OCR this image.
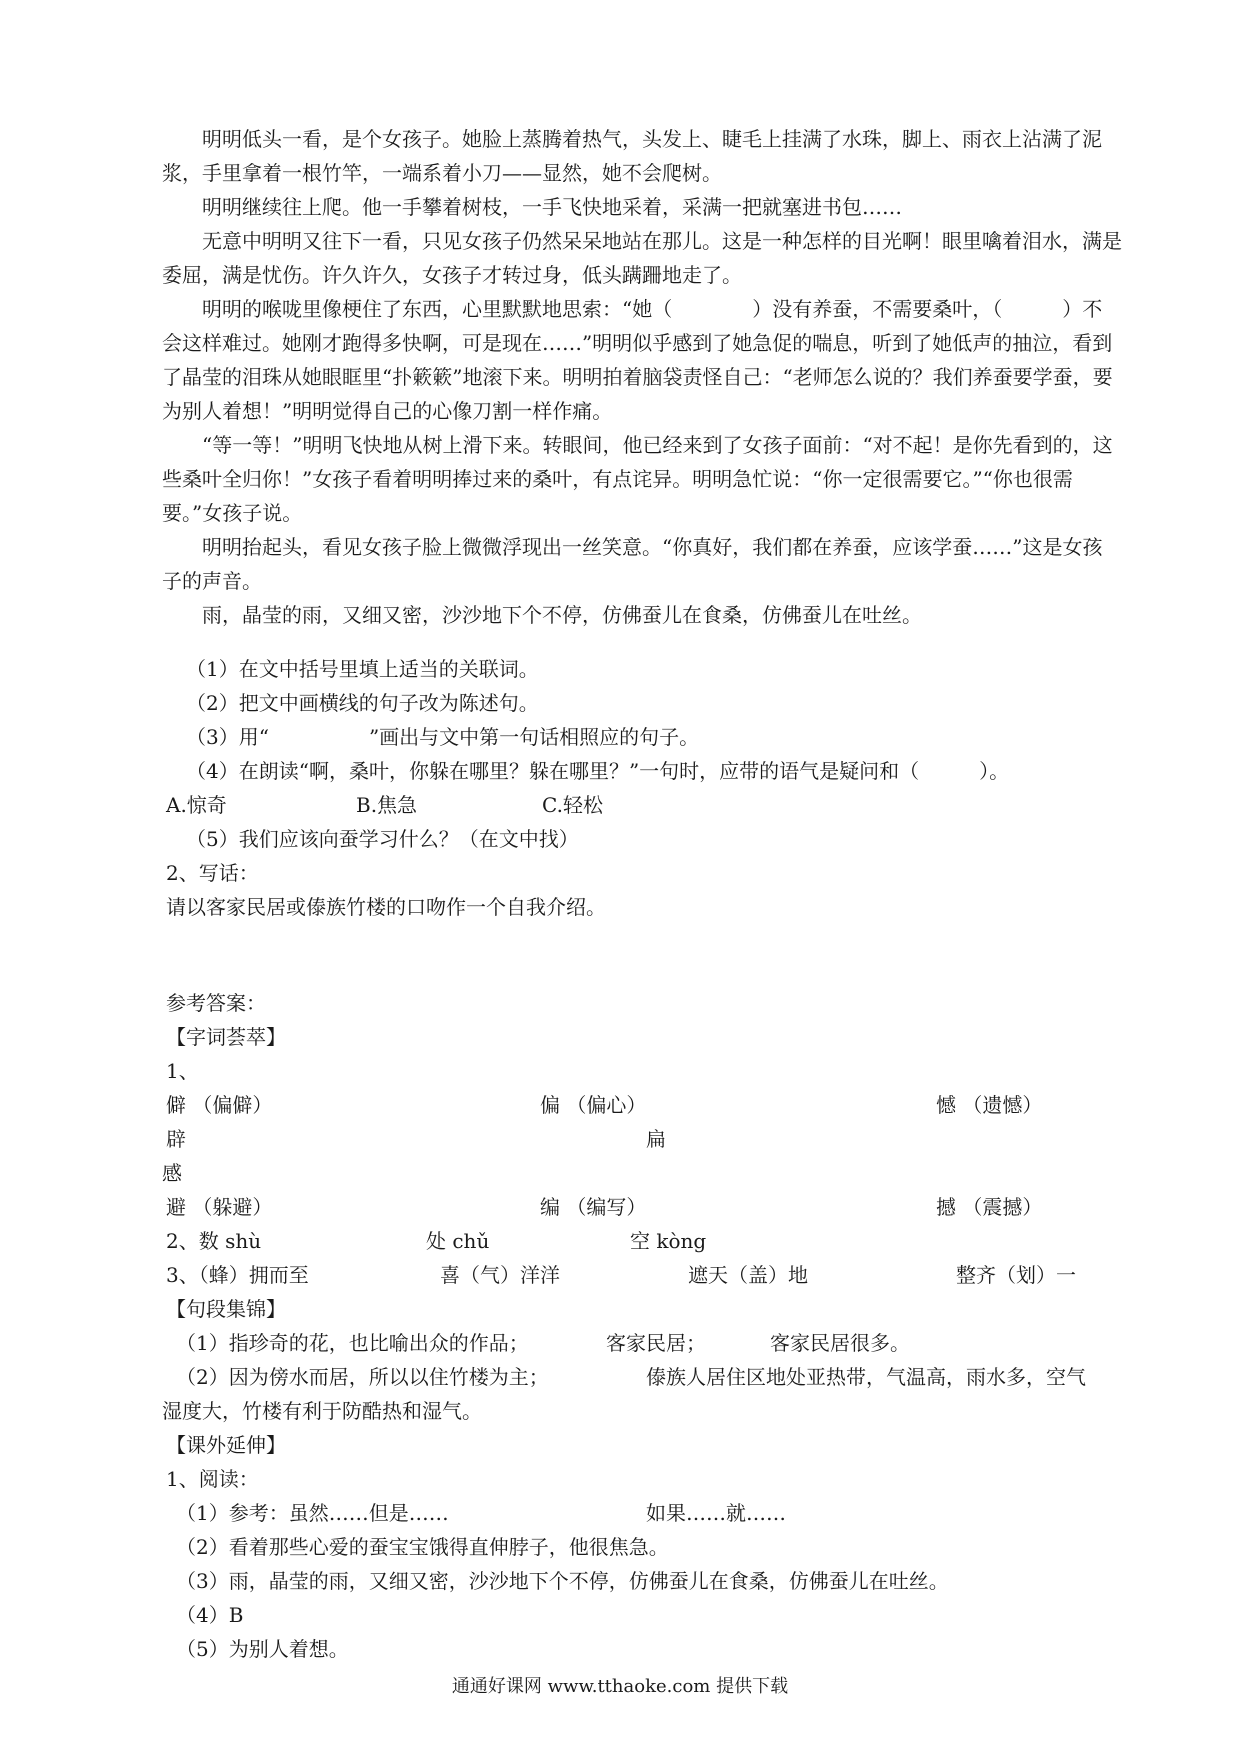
明明低头一看，是个女孩子。她脸上蒸腾着热气，头发上、睫毛上挂满了水珠，脚上、雨衣上沾满了泥浆，手里拿着一根竹竿，一端系着小刀——显然，她不会爬树。

明明继续往上爬。他一手攀着树枝，一手飞快地采着，采满一把就塞进书包……

无意中明明又往下一看，只见女孩子仍然呆呆地站在那儿。这是一种怎样的目光啊！眼里噙着泪水，满是委屈，满是忧伤。许久许久，女孩子才转过身，低头蹒跚地走了。

明明的喉咙里像梗住了东西，心里默默地思索：“她（　　　　）没有养蚕，不需要桑叶，（　　　）不会这样难过。她刚才跑得多快啊，可是现在……”明明似乎感到了她急促的喘息，听到了她低声的抽泣，看到了晶莹的泪珠从她眼眶里“扑簌簌”地滚下来。明明拍着脑袋责怪自己：“老师怎么说的？我们养蚕要学蚕，要为别人着想！”明明觉得自己的心像刀割一样作痛。

“等一等！”明明飞快地从树上滑下来。转眼间，他已经来到了女孩子面前：“对不起！是你先看到的，这些桑叶全归你！”女孩子看着明明捧过来的桑叶，有点诧异。明明急忙说：“你一定很需要它。”“你也很需要。”女孩子说。

明明抬起头，看见女孩子脸上微微浮现出一丝笑意。“你真好，我们都在养蚕，应该学蚕……”这是女孩子的声音。

雨，晶莹的雨，又细又密，沙沙地下个不停，仿佛蚕儿在食桑，仿佛蚕儿在吐丝。

（1）在文中括号里填上适当的关联词。
（2）把文中画横线的句子改为陈述句。
（3）用“　　　　　”画出与文中第一句话相照应的句子。
（4）在朗读“啊，桑叶，你躲在哪里？躲在哪里？”一句时，应带的语气是疑问和（　　　）。
A.惊奇	B.焦急	C.轻松
（5）我们应该向蚕学习什么？（在文中找）
2、写话：
请以客家民居或傣族竹楼的口吻作一个自我介绍。
参考答案：
【字词荟萃】
1、
僻 （偏僻）	偏 （偏心）	憾 （遗憾）
辟	扁
感
避 （躲避）	编 （编写）	撼 （震撼）
2、数 shù	处 chǔ	空 kòng
3、（蜂）拥而至	喜（气）洋洋	遮天（盖）地	整齐（划）一
【句段集锦】
（1）指珍奇的花，也比喻出众的作品；	客家民居；	客家民居很多。
（2）因为傍水而居，所以以住竹楼为主；	傣族人居住区地处亚热带，气温高，雨水多，空气
湿度大，竹楼有利于防酷热和湿气。
【课外延伸】
1、阅读：
（1）参考：虽然……但是……	如果……就……
（2）看着那些心爱的蚕宝宝饿得直伸脖子，他很焦急。
（3）雨，晶莹的雨，又细又密，沙沙地下个不停，仿佛蚕儿在食桑，仿佛蚕儿在吐丝。
（4）B
（5）为别人着想。
通通好课网 www.tthaoke.com 提供下载
